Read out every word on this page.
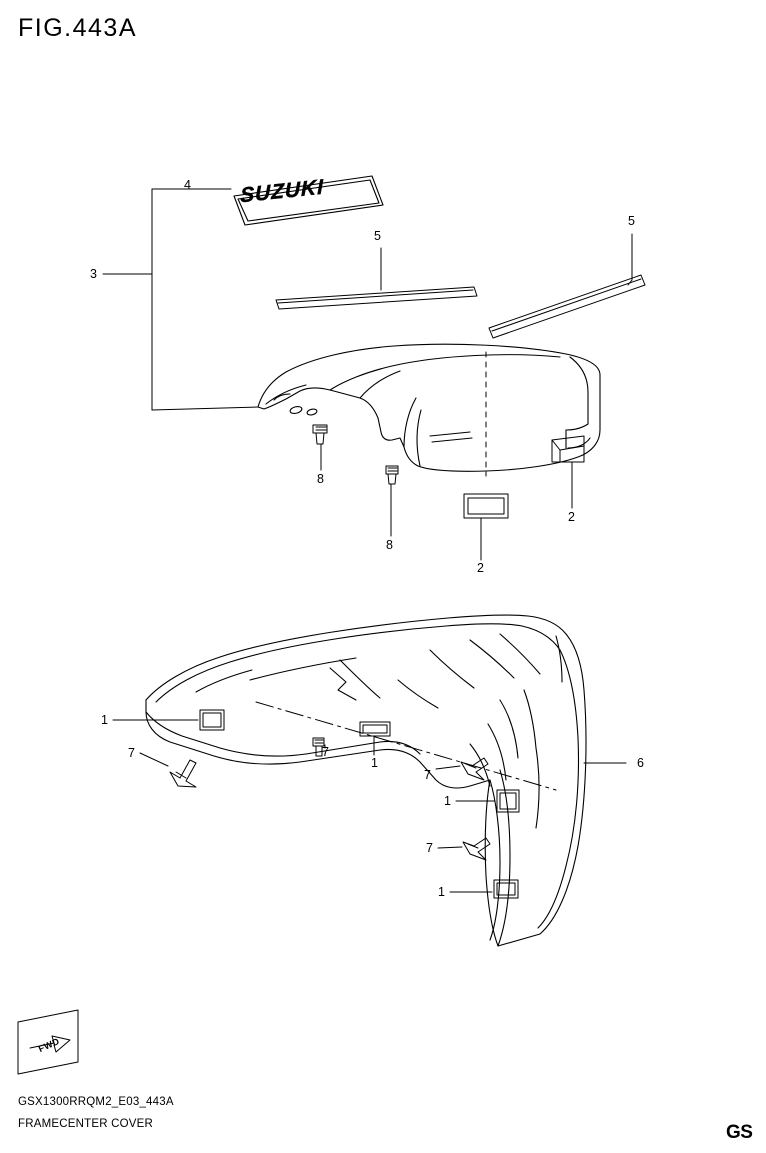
FIG.443A
SUZUKI
FWD
4
3
5
5
8
8
2
2
1
7	7
1
7
6
1
7
1
GSX1300RRQM2_E03_443A
FRAMECENTER COVER	GS
